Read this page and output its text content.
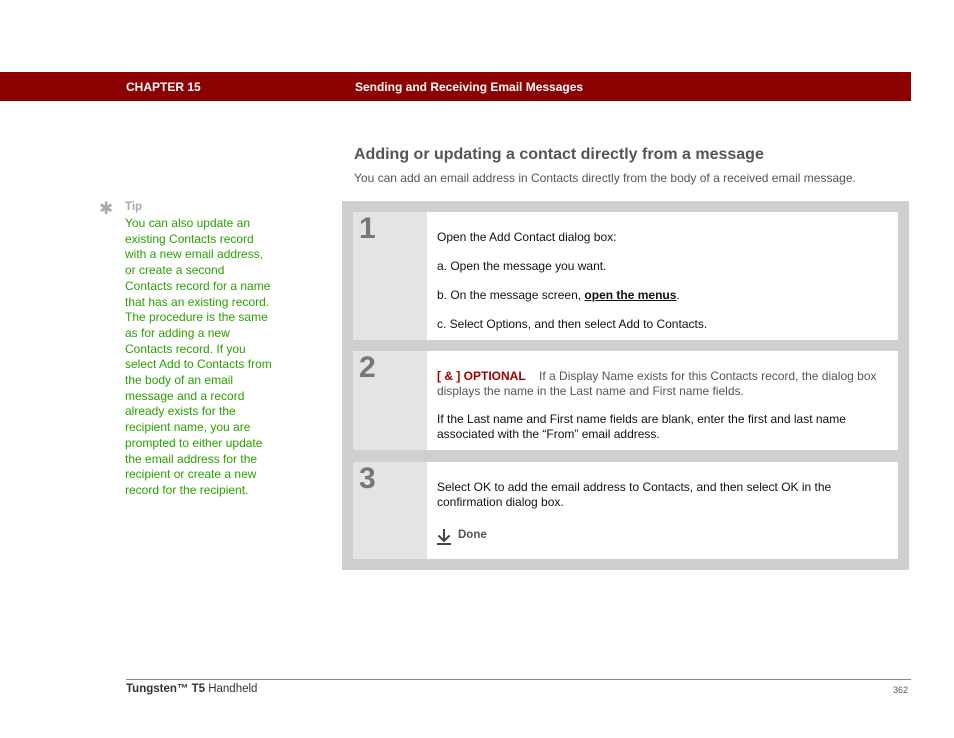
CHAPTER 15	Sending and Receiving Email Messages
Adding or updating a contact directly from a message
You can add an email address in Contacts directly from the body of a received email message.
✱ Tip
You can also update an existing Contacts record with a new email address, or create a second Contacts record for a name that has an existing record. The procedure is the same as for adding a new Contacts record. If you select Add to Contacts from the body of an email message and a record already exists for the recipient name, you are prompted to either update the email address for the recipient or create a new record for the recipient.
1	Open the Add Contact dialog box:

a. Open the message you want.

b. On the message screen, open the menus.

c. Select Options, and then select Add to Contacts.

2	[ & ] OPTIONAL If a Display Name exists for this Contacts record, the dialog box displays the name in the Last name and First name fields.

If the Last name and First name fields are blank, enter the first and last name associated with the “From” email address.

3	Select OK to add the email address to Contacts, and then select OK in the confirmation dialog box.

Done
Tungsten™ T5 Handheld	362
